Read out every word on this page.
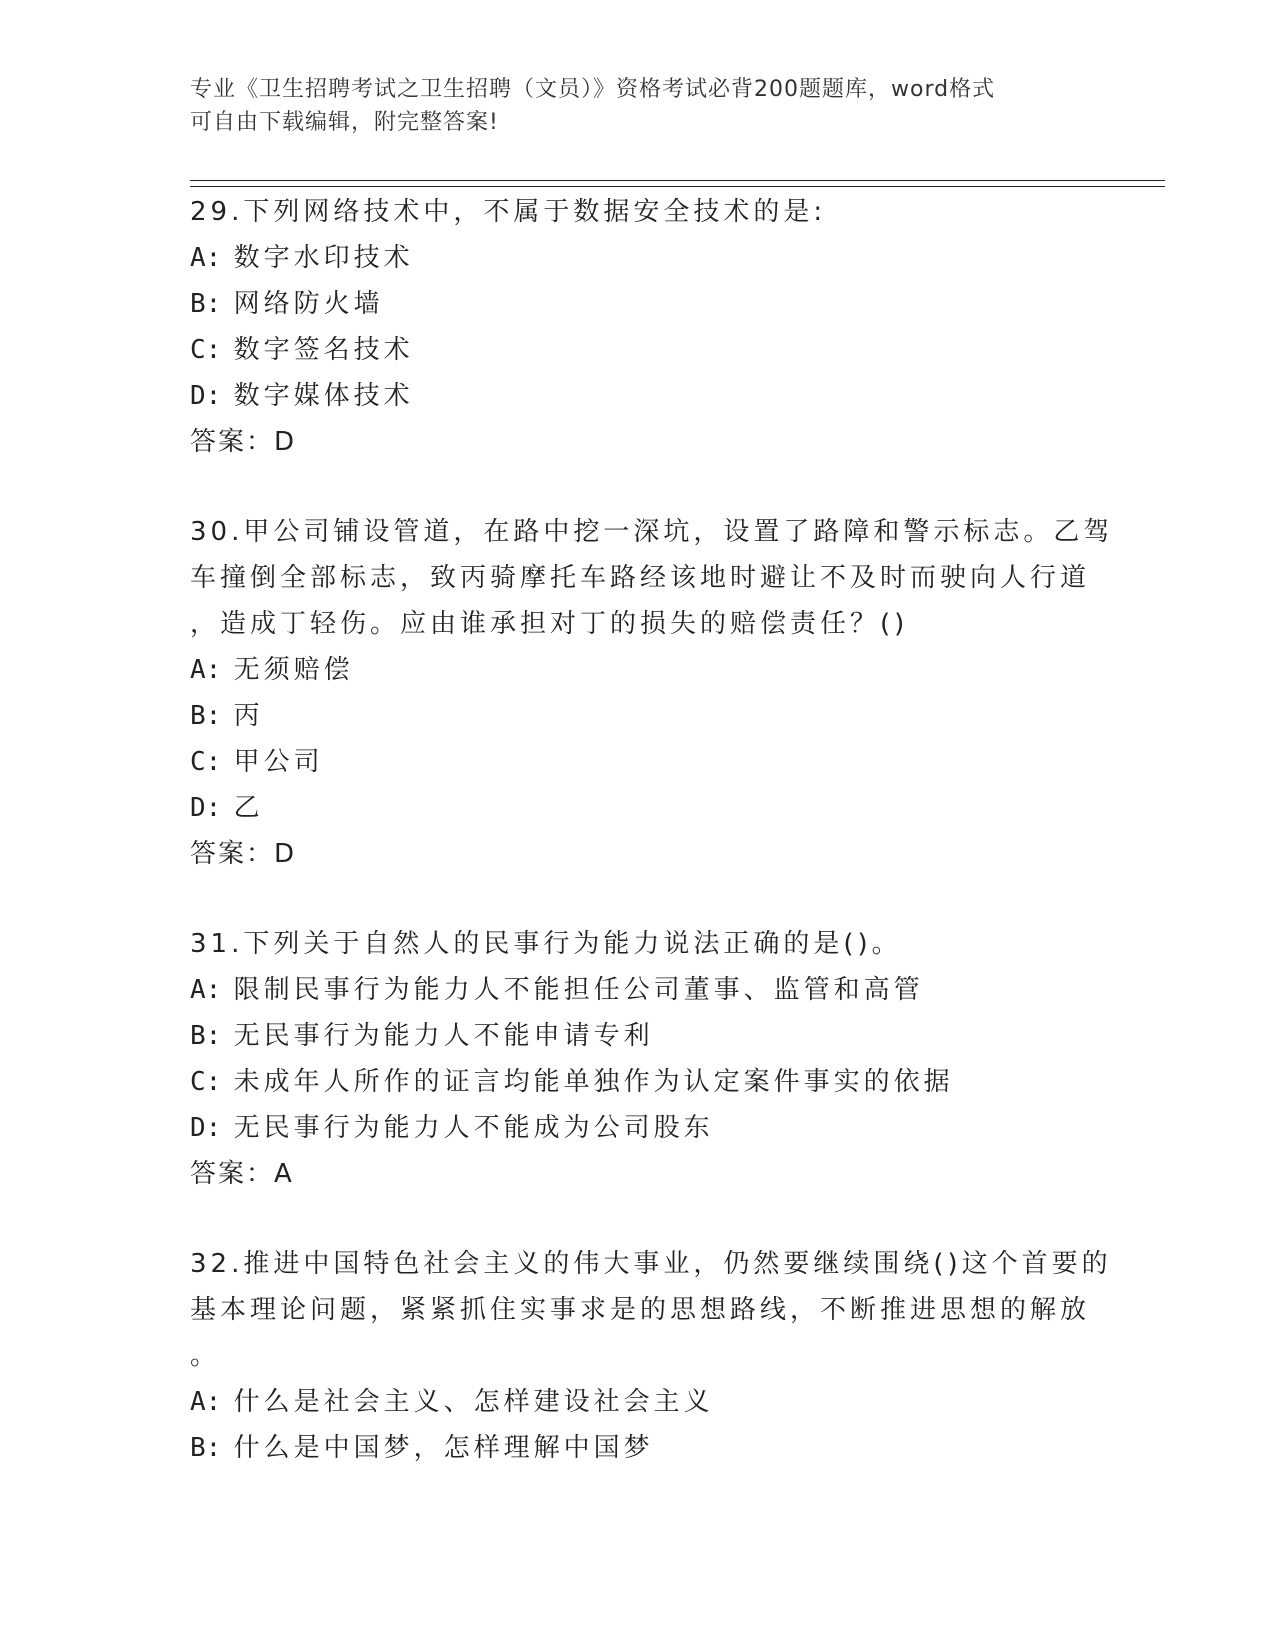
专业《卫生招聘考试之卫生招聘（文员）》资格考试必背200题题库，word格式
可自由下载编辑，附完整答案!
29.下列网络技术中，不属于数据安全技术的是:
A: 数字水印技术
B: 网络防火墙
C: 数字签名技术
D: 数字媒体技术
答案：D
30.甲公司铺设管道，在路中挖一深坑，设置了路障和警示标志。乙驾
车撞倒全部标志，致丙骑摩托车路经该地时避让不及时而驶向人行道
，造成丁轻伤。应由谁承担对丁的损失的赔偿责任？()
A: 无须赔偿
B: 丙
C: 甲公司
D: 乙
答案：D
31.下列关于自然人的民事行为能力说法正确的是()。
A: 限制民事行为能力人不能担任公司董事、监管和高管
B: 无民事行为能力人不能申请专利
C: 未成年人所作的证言均能单独作为认定案件事实的依据
D: 无民事行为能力人不能成为公司股东
答案：A
32.推进中国特色社会主义的伟大事业，仍然要继续围绕()这个首要的
基本理论问题，紧紧抓住实事求是的思想路线，不断推进思想的解放
。
A: 什么是社会主义、怎样建设社会主义
B: 什么是中国梦，怎样理解中国梦
